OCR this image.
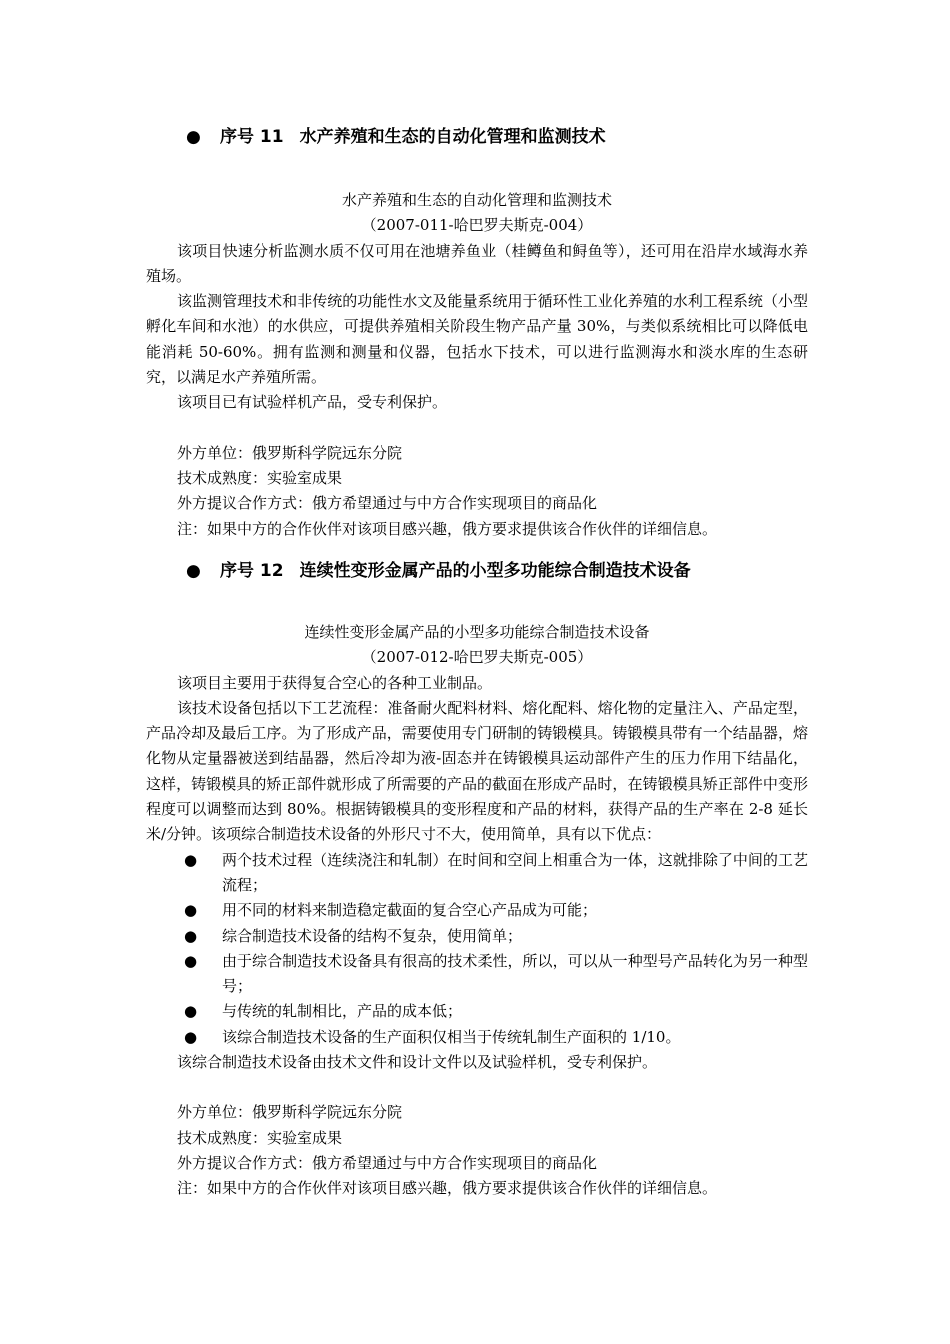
● 序号 11 水产养殖和生态的自动化管理和监测技术
水产养殖和生态的自动化管理和监测技术
（2007-011-哈巴罗夫斯克-004）
该项目快速分析监测水质不仅可用在池塘养鱼业（桂鳟鱼和鲟鱼等），还可用在沿岸水域海水养殖场。
该监测管理技术和非传统的功能性水文及能量系统用于循环性工业化养殖的水利工程系统（小型孵化车间和水池）的水供应，可提供养殖相关阶段生物产品产量 30%，与类似系统相比可以降低电能消耗 50-60%。拥有监测和测量和仪器，包括水下技术，可以进行监测海水和淡水库的生态研究，以满足水产养殖所需。
该项目已有试验样机产品，受专利保护。
外方单位：俄罗斯科学院远东分院
技术成熟度：实验室成果
外方提议合作方式：俄方希望通过与中方合作实现项目的商品化
注：如果中方的合作伙伴对该项目感兴趣，俄方要求提供该合作伙伴的详细信息。
● 序号 12 连续性变形金属产品的小型多功能综合制造技术设备
连续性变形金属产品的小型多功能综合制造技术设备
（2007-012-哈巴罗夫斯克-005）
该项目主要用于获得复合空心的各种工业制品。
该技术设备包括以下工艺流程：准备耐火配料材料、熔化配料、熔化物的定量注入、产品定型，产品冷却及最后工序。为了形成产品，需要使用专门研制的铸锻模具。铸锻模具带有一个结晶器，熔化物从定量器被送到结晶器，然后冷却为液-固态并在铸锻模具运动部件产生的压力作用下结晶化，这样，铸锻模具的矫正部件就形成了所需要的产品的截面在形成产品时，在铸锻模具矫正部件中变形程度可以调整而达到 80%。根据铸锻模具的变形程度和产品的材料，获得产品的生产率在 2-8 延长米/分钟。该项综合制造技术设备的外形尺寸不大，使用简单，具有以下优点：
● 两个技术过程（连续浇注和轧制）在时间和空间上相重合为一体，这就排除了中间的工艺流程；
● 用不同的材料来制造稳定截面的复合空心产品成为可能；
● 综合制造技术设备的结构不复杂，使用简单；
● 由于综合制造技术设备具有很高的技术柔性，所以，可以从一种型号产品转化为另一种型号；
● 与传统的轧制相比，产品的成本低；
● 该综合制造技术设备的生产面积仅相当于传统轧制生产面积的 1/10。
该综合制造技术设备由技术文件和设计文件以及试验样机，受专利保护。
外方单位：俄罗斯科学院远东分院
技术成熟度：实验室成果
外方提议合作方式：俄方希望通过与中方合作实现项目的商品化
注：如果中方的合作伙伴对该项目感兴趣，俄方要求提供该合作伙伴的详细信息。
